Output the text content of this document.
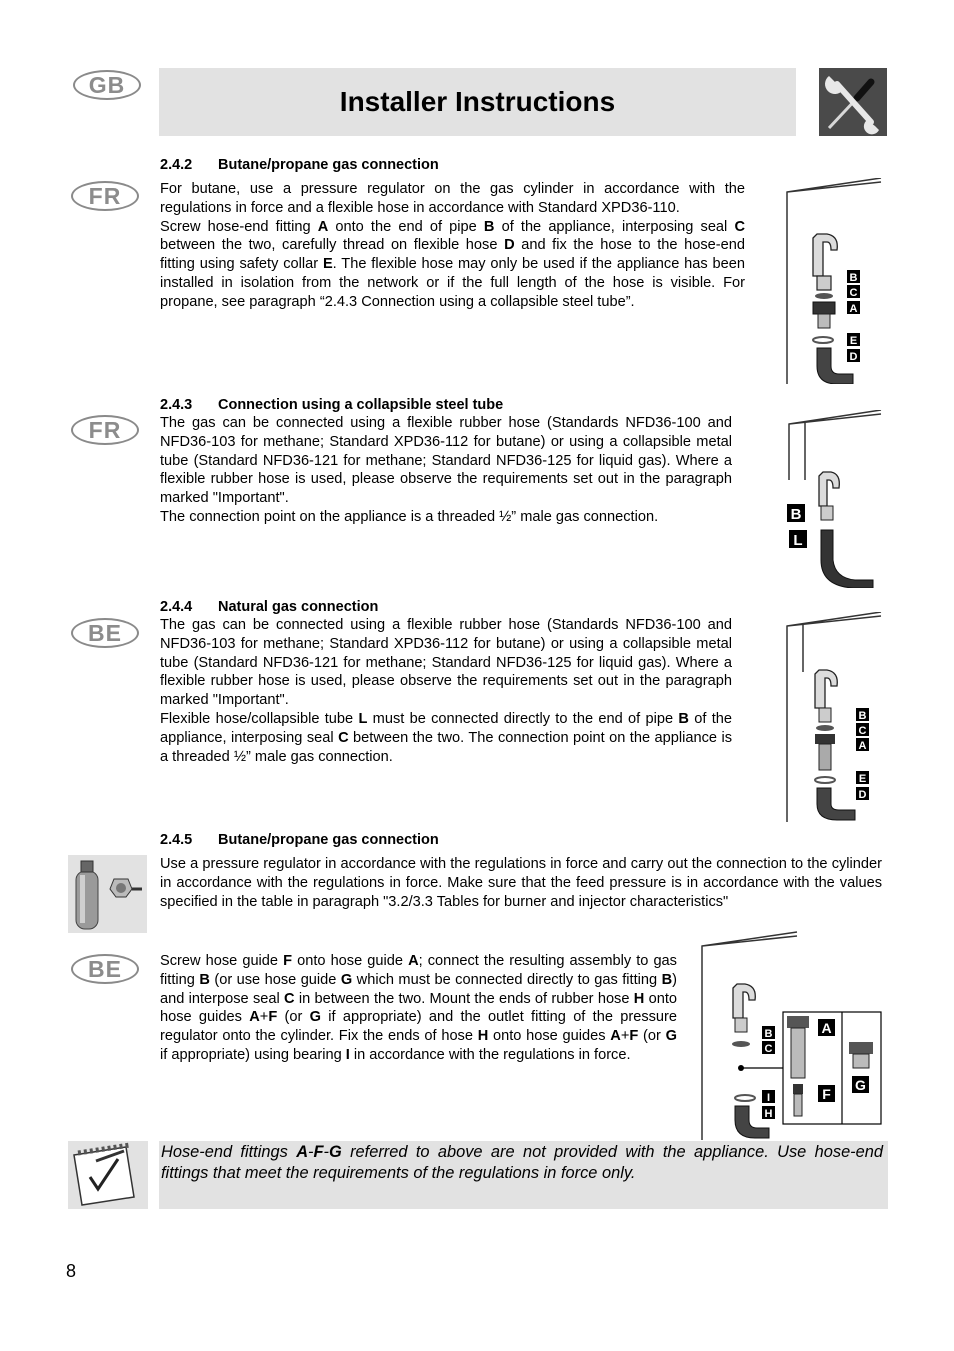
GB
Installer Instructions
FR
2.4.2 Butane/propane gas connection
For butane, use a pressure regulator on the gas cylinder in accordance with the regulations in force and a flexible hose in accordance with Standard XPD36-110.
Screw hose-end fitting A onto the end of pipe B of the appliance, interposing seal C between the two, carefully thread on flexible hose D and fix the hose to the hose-end fitting using safety collar E. The flexible hose may only be used if the appliance has been installed in isolation from the network or if the full length of the hose is visible. For propane, see paragraph “2.4.3 Connection using a collapsible steel tube”.
B
C
A
E
D
FR
2.4.3 Connection using a collapsible steel tube
The gas can be connected using a flexible rubber hose (Standards NFD36-100 and NFD36-103 for methane; Standard XPD36-112 for butane) or using a collapsible metal tube (Standard NFD36-121 for methane; Standard NFD36-125 for liquid gas). Where a flexible rubber hose is used, please observe the requirements set out in the paragraph marked "Important".
The connection point on the appliance is a threaded ½” male gas connection.	B
L
BE
2.4.4 Natural gas connection
The gas can be connected using a flexible rubber hose (Standards NFD36-100 and NFD36-103 for methane; Standard XPD36-112 for butane) or using a collapsible metal tube (Standard NFD36-121 for methane; Standard NFD36-125 for liquid gas). Where a flexible rubber hose is used, please observe the requirements set out in the paragraph marked "Important".
Flexible hose/collapsible tube L must be connected directly to the end of pipe B of the appliance, interposing seal C between the two. The connection point on the appliance is a threaded ½” male gas connection.
B
C
A
E
D
2.4.5 Butane/propane gas connection
Use a pressure regulator in accordance with the regulations in force and carry out the connection to the cylinder in accordance with the regulations in force. Make sure that the feed pressure is in accordance with the values specified in the table in paragraph "3.2/3.3 Tables for burner and injector characteristics"
BE	Screw hose guide F onto hose guide A; connect the resulting assembly to gas fitting B (or use hose guide G which must be connected directly to gas fitting B) and interpose seal C in between the two. Mount the ends of rubber hose H onto hose guides A+F (or G if appropriate) and the outlet fitting of the pressure regulator onto the cylinder. Fix the ends of hose H onto hose guides A+F (or G if appropriate) using bearing I in accordance with the regulations in force.
B
C
I
H
A
F
G
Hose-end fittings A-F-G referred to above are not provided with the appliance. Use hose-end fittings that meet the requirements of the regulations in force only.
8
